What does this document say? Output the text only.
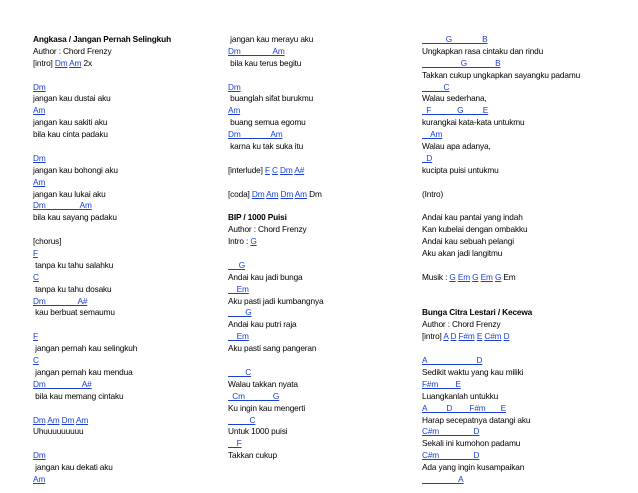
Angkasa / Jangan Pernah Selingkuh
Author : Chord Frenzy
[intro] Dm Am 2x
Dm
jangan kau dustai aku
Am
jangan kau sakiti aku
bila kau cinta padaku
Dm
jangan kau bohongi aku
Am
jangan kau lukai aku
Dm                Am
bila kau sayang padaku
[chorus]
F
tanpa ku tahu salahku
C
tanpa ku tahu dosaku
Dm               A#
kau berbuat semaumu
F
jangan pernah kau selingkuh
C
jangan pernah kau mendua
Dm                 A#
bila kau memang cintaku
Dm Am Dm Am
Uhuuuuuuuuu
Dm
jangan kau dekati aku
Am
jangan kau merayu aku
Dm               Am
bila kau terus begitu
Dm
buanglah sifat burukmu
Am
buang semua egomu
Dm              Am
karna ku tak suka itu
[interlude] F C Dm A#
[coda] Dm Am Dm Am Dm
BIP / 1000 Puisi
Author : Chord Frenzy
Intro : G
G
Andai kau jadi bunga
Em
Aku pasti jadi kumbangnya
G
Andai kau putri raja
Em
Aku pasti sang pangeran
C
Walau takkan nyata
Cm             G
Ku ingin kau mengerti
C
Untuk 1000 puisi
F
Takkan cukup
G              B
Ungkapkan rasa cintaku dan rindu
G             B
Takkan cukup ungkapkan sayangku padamu
C
Walau sederhana,
F            G         E
kurangkai kata-kata untukmu
Am
Walau apa adanya,
D
kucipta puisi untukmu
(Intro)
Andai kau pantai yang indah
Kan kubelai dengan ombakku
Andai kau sebuah pelangi
Aku akan jadi langitmu
Musik : G Em G Em G Em
Bunga Citra Lestari / Kecewa
Author : Chord Frenzy
[intro] A D F#m E C#m D
A                       D
Sedikit waktu yang kau miliki
F#m        E
Luangkanlah untukku
A         D        F#m       E
Harap secepatnya datangi aku
C#m                D
Sekali ini kumohon padamu
C#m                D
Ada yang ingin kusampaikan
A
